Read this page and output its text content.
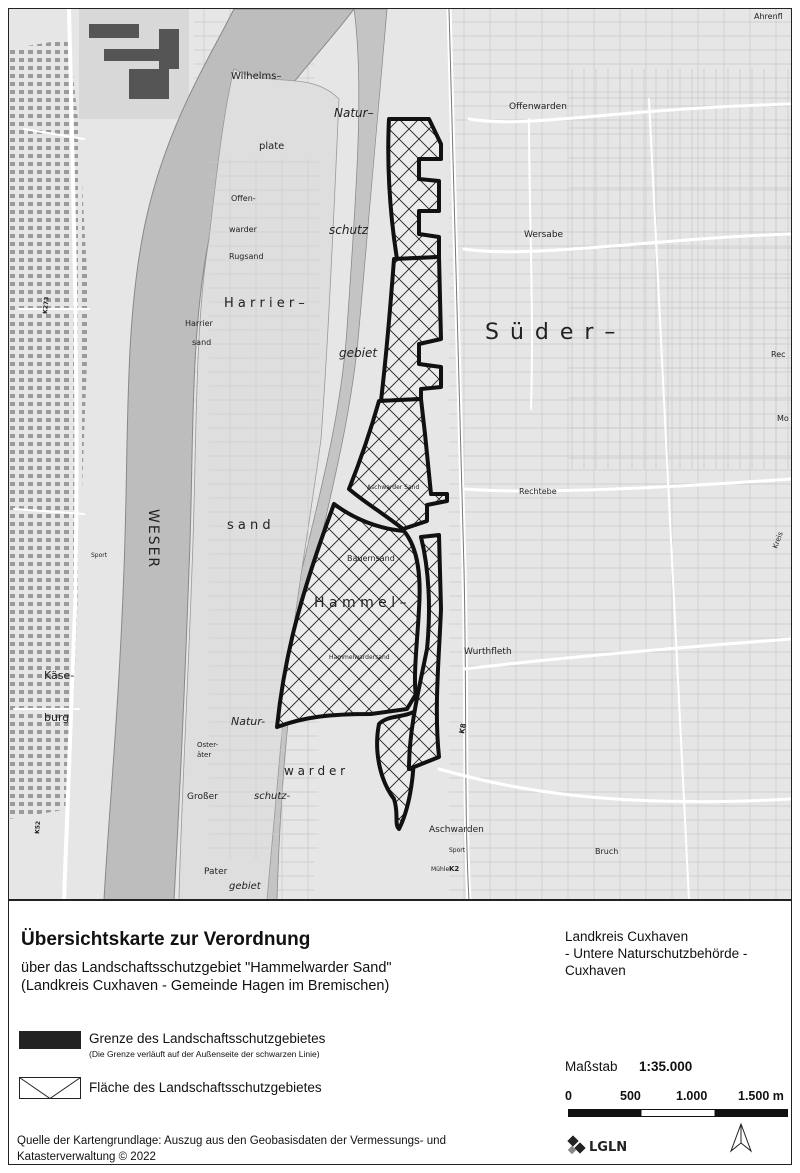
Wilhelms–
Natur–
plate
Offen-
warder	schutz
Rugsand
H a r r i e r –
Harrier
gebiet
sand
s a n d
WESER
Käse-
burg	Natur-
Oster-
äter
w a r d e r
Großer	schutz-
Pater
gebiet
Offenwarden
Wersabe
S ü d e r –
Rec
Mo
Rechtebe
Aschwarder Sand
Bauernsand
H a m m e l –
Hammelwardersand
Wurthfleth
Aschwarden
Sport
Mühle K2
K8
Bruch
Kreis
Ahrenfl
Sport
K273
K52
Übersichtskarte zur Verordnung
über das Landschaftsschutzgebiet "Hammelwarder Sand"
(Landkreis Cuxhaven - Gemeinde Hagen im Bremischen)
Landkreis Cuxhaven
- Untere Naturschutzbehörde -
Cuxhaven
Grenze des Landschaftsschutzgebietes
(Die Grenze verläuft auf der Außenseite der schwarzen Linie)
Fläche des Landschaftsschutzgebietes
Maßstab 1:35.000
0	500	1.000 1.500 m
Quelle der Kartengrundlage: Auszug aus den Geobasisdaten der Vermessungs- und
Katasterverwaltung © 2022
LGLN
